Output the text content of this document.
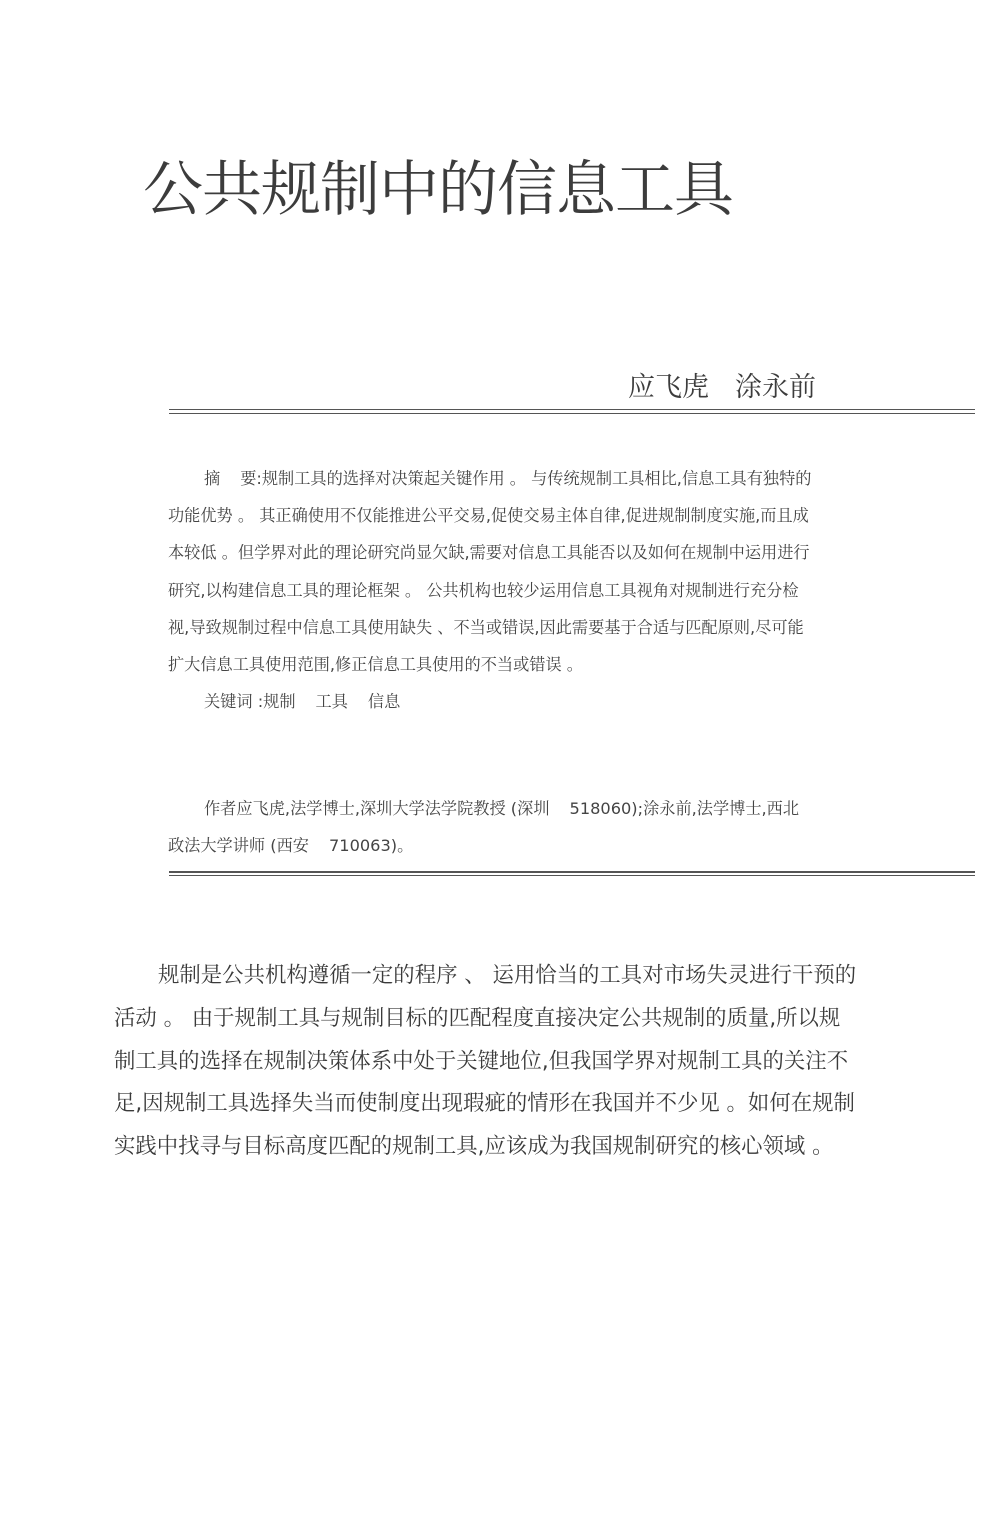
公共规制中的信息工具
应飞虎 涂永前

摘 要:规制工具的选择对决策起关键作用 。 与传统规制工具相比,信息工具有独特的功能优势 。 其正确使用不仅能推进公平交易,促使交易主体自律,促进规制制度实施,而且成本较低 。但学界对此的理论研究尚显欠缺,需要对信息工具能否以及如何在规制中运用进行研究,以构建信息工具的理论框架 。 公共机构也较少运用信息工具视角对规制进行充分检视,导致规制过程中信息工具使用缺失 、不当或错误,因此需要基于合适与匹配原则,尽可能扩大信息工具使用范围,修正信息工具使用的不当或错误 。

关键词 :规制 工具 信息

作者应飞虎,法学博士,深圳大学法学院教授 (深圳 518060);涂永前,法学博士,西北政法大学讲师 (西安 710063)。

规制是公共机构遵循一定的程序 、 运用恰当的工具对市场失灵进行干预的活动 。 由于规制工具与规制目标的匹配程度直接决定公共规制的质量,所以规制工具的选择在规制决策体系中处于关键地位,但我国学界对规制工具的关注不足,因规制工具选择失当而使制度出现瑕疵的情形在我国并不少见 。如何在规制实践中找寻与目标高度匹配的规制工具,应该成为我国规制研究的核心领域 。
